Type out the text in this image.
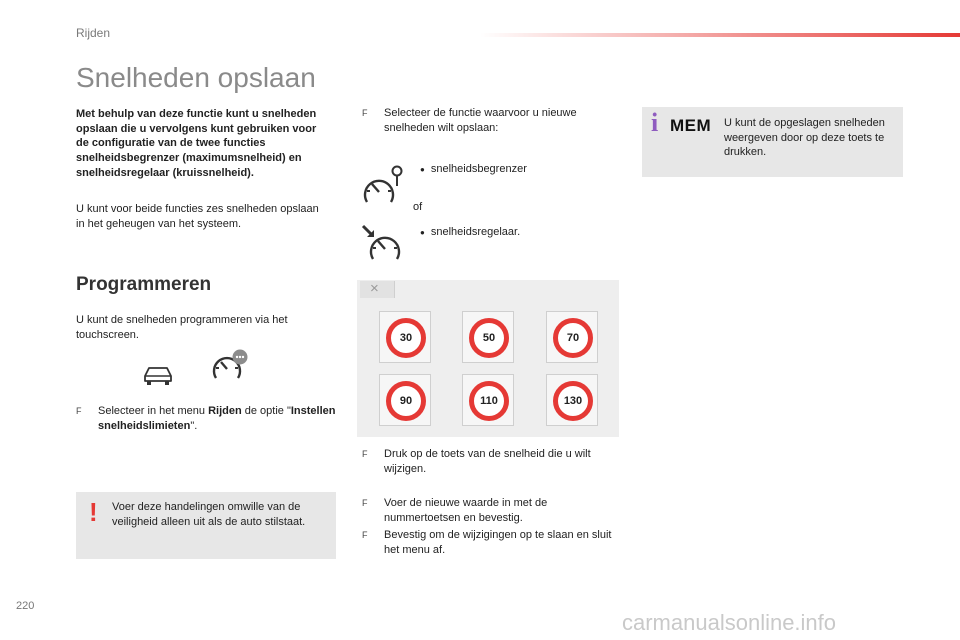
Rijden
Snelheden opslaan
Met behulp van deze functie kunt u snelheden opslaan die u vervolgens kunt gebruiken voor de configuratie van de twee functies snelheidsbegrenzer (maximumsnelheid) en snelheidsregelaar (kruissnelheid).
U kunt voor beide functies zes snelheden opslaan in het geheugen van het systeem.
Programmeren
U kunt de snelheden programmeren via het touchscreen.
F	Selecteer in het menu Rijden de optie "Instellen snelheidslimieten".
! Voer deze handelingen omwille van de veiligheid alleen uit als de auto stilstaat.
F	Selecteer de functie waarvoor u nieuwe snelheden wilt opslaan:
● snelheidsbegrenzer
of
● snelheidsregelaar.
×
30	50	70
90	110	130
F	Druk op de toets van de snelheid die u wilt wijzigen.
F	Voer de nieuwe waarde in met de nummertoetsen en bevestig.
F	Bevestig om de wijzigingen op te slaan en sluit het menu af.
i MEM U kunt de opgeslagen snelheden weergeven door op deze toets te drukken.
220
carmanualsonline.info
